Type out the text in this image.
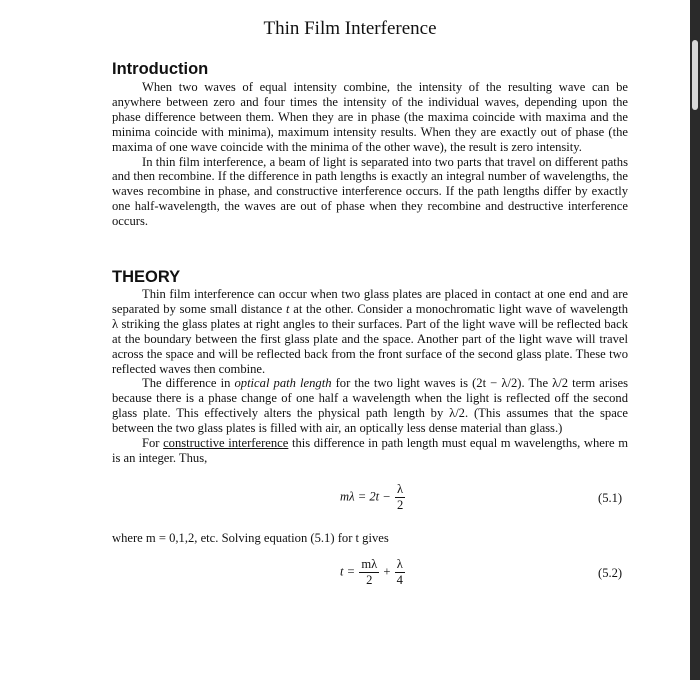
Thin Film Interference
Introduction

When two waves of equal intensity combine, the intensity of the resulting wave can be anywhere between zero and four times the intensity of the individual waves, depending upon the phase difference between them. When they are in phase (the maxima coincide with maxima and the minima coincide with minima), maximum intensity results. When they are exactly out of phase (the maxima of one wave coincide with the minima of the other wave), the result is zero intensity.

In thin film interference, a beam of light is separated into two parts that travel on different paths and then recombine. If the difference in path lengths is exactly an integral number of wavelengths, the waves recombine in phase, and constructive interference occurs. If the path lengths differ by exactly one half-wavelength, the waves are out of phase when they recombine and destructive interference occurs.

THEORY

Thin film interference can occur when two glass plates are placed in contact at one end and are separated by some small distance t at the other. Consider a monochromatic light wave of wavelength λ striking the glass plates at right angles to their surfaces. Part of the light wave will be reflected back at the boundary between the first glass plate and the space. Another part of the light wave will travel across the space and will be reflected back from the front surface of the second glass plate. These two reflected waves then combine.

The difference in optical path length for the two light waves is (2t − λ/2). The λ/2 term arises because there is a phase change of one half a wavelength when the light is reflected off the second glass plate. This effectively alters the physical path length by λ/2. (This assumes that the space between the two glass plates is filled with air, an optically less dense material than glass.)

For constructive interference this difference in path length must equal m wavelengths, where m is an integer. Thus,

$m\lambda = 2t - \frac{\lambda}{2}$	(5.1)
where m = 0,1,2, etc. Solving equation (5.1) for t gives
$t = \frac{m\lambda}{2} + \frac{\lambda}{4}$	(5.2)
